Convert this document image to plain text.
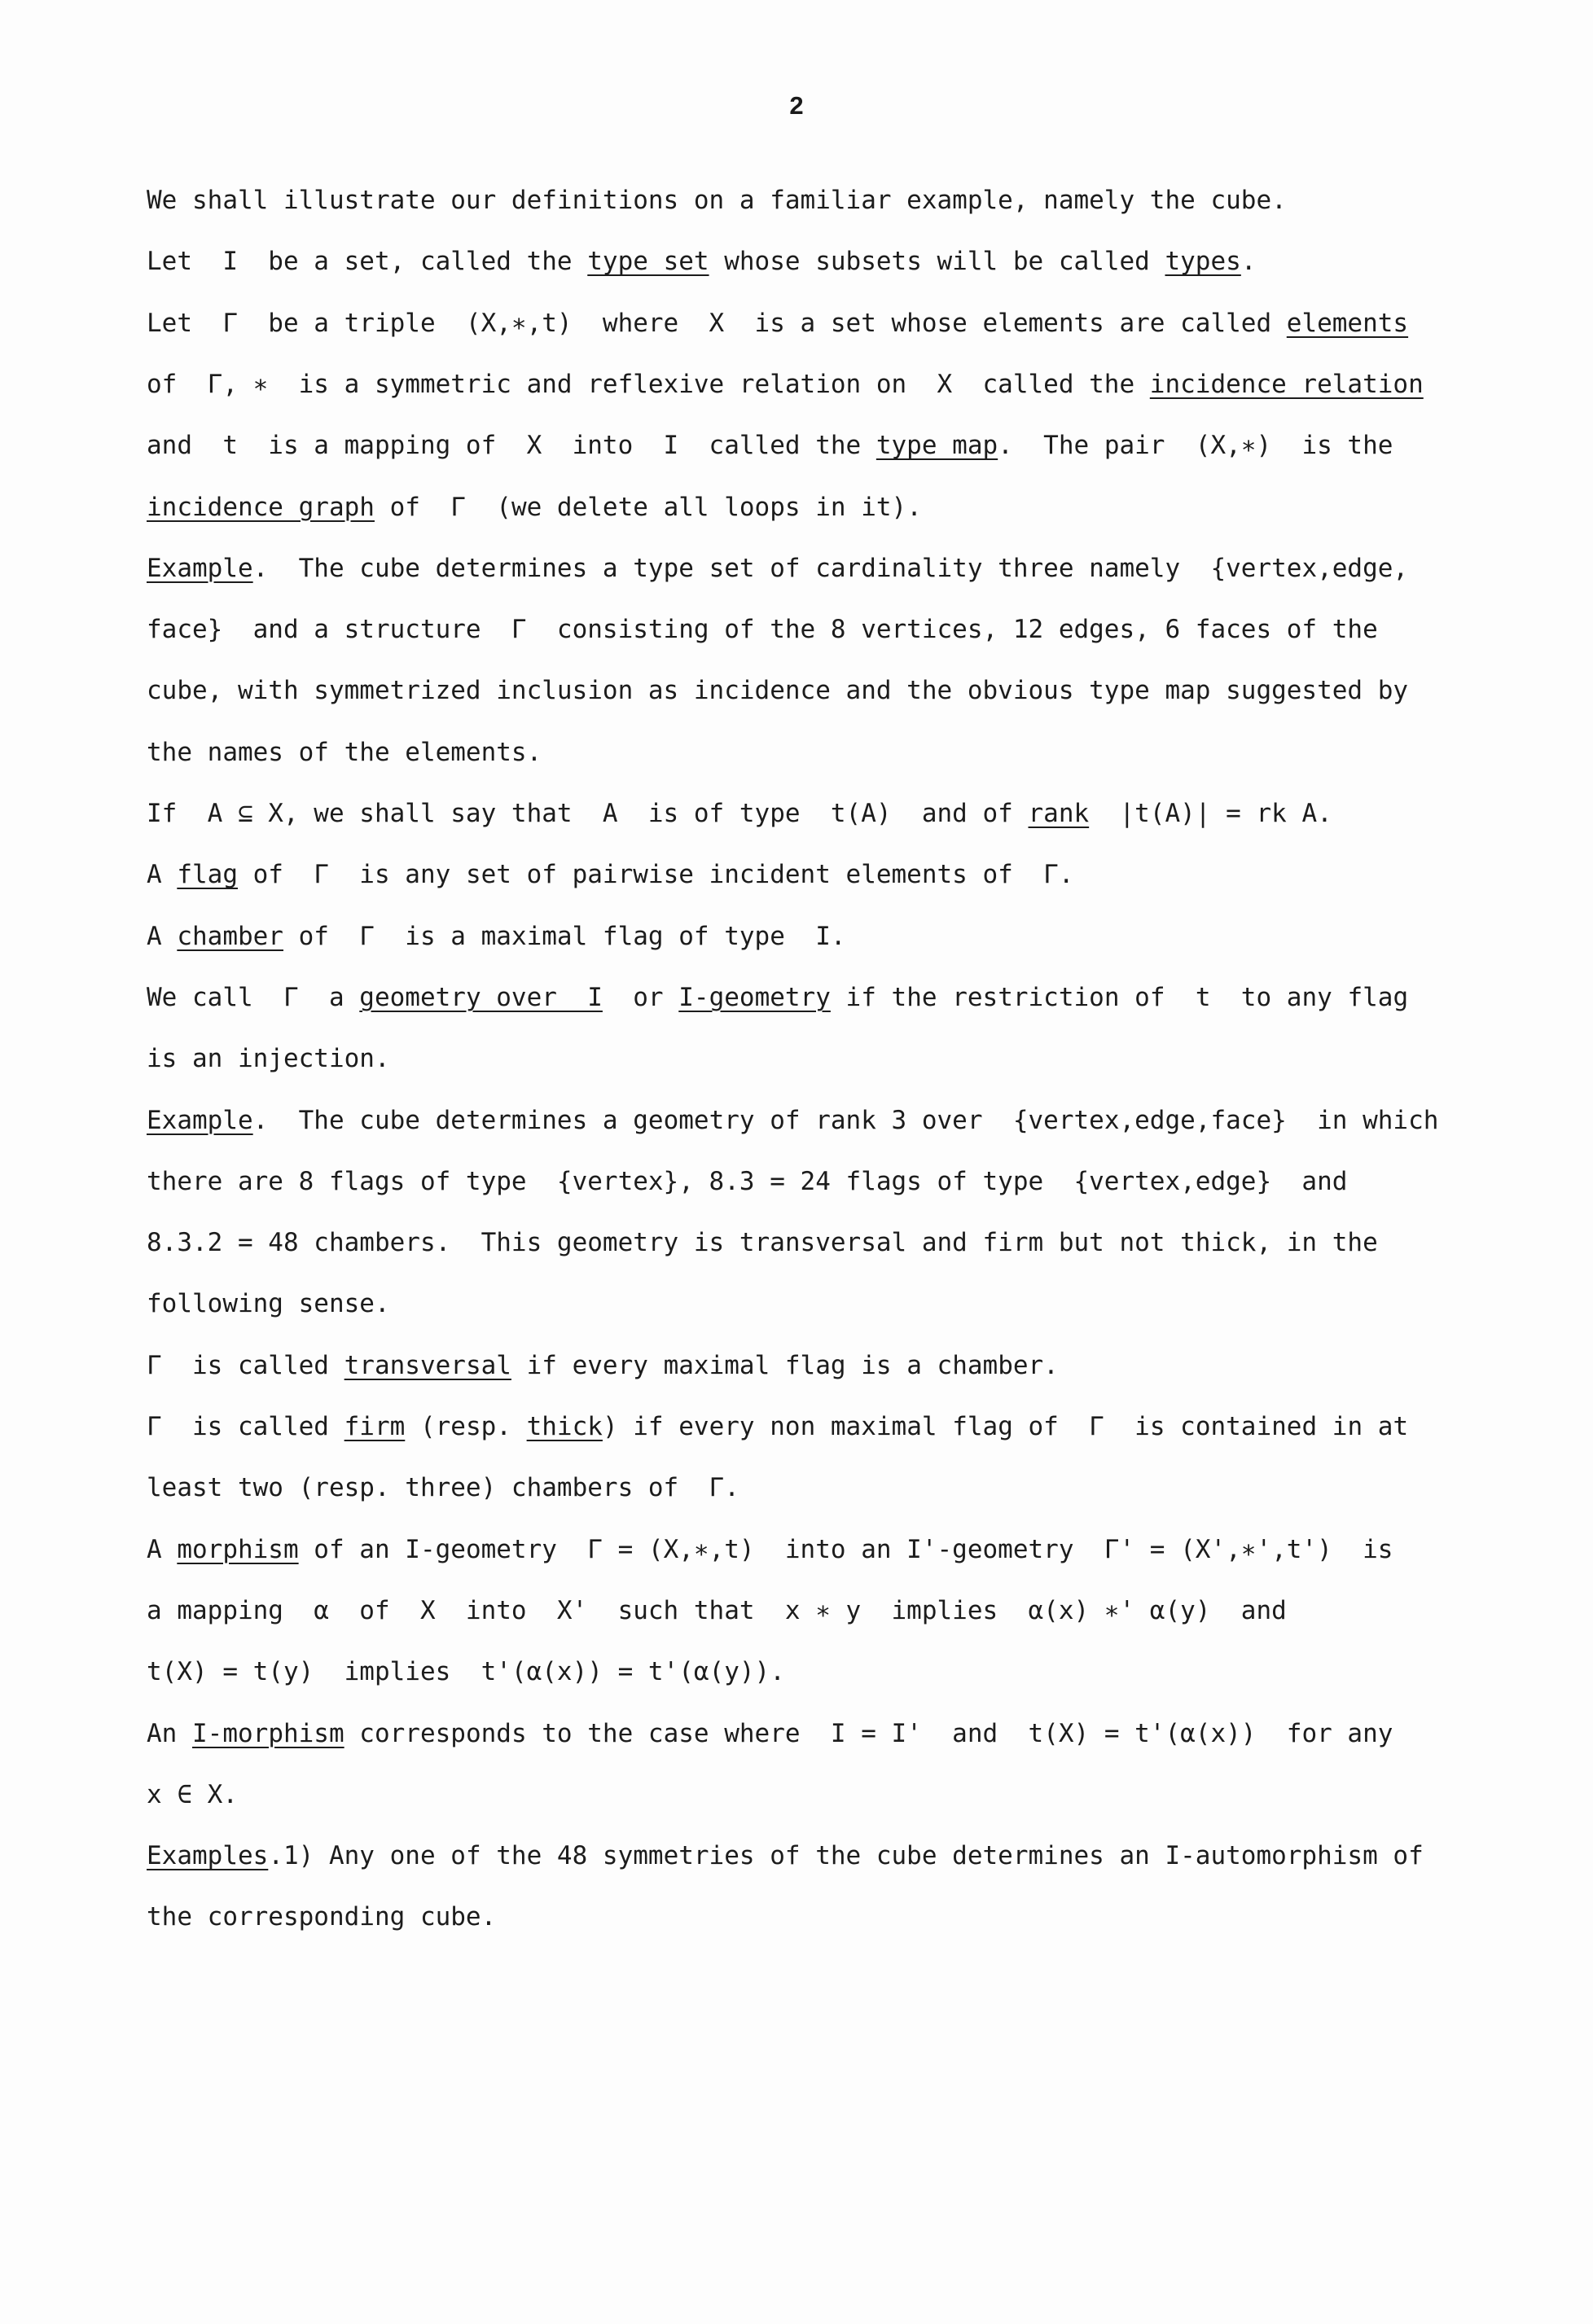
2

We shall illustrate our definitions on a familiar example, namely the cube.

Let  I  be a set, called the type set whose subsets will be called types.

Let  Γ  be a triple  (X,∗,t)  where  X  is a set whose elements are called elements

of  Γ, ∗  is a symmetric and reflexive relation on  X  called the incidence relation

and  t  is a mapping of  X  into  I  called the type map.  The pair  (X,∗)  is the

incidence graph of  Γ  (we delete all loops in it).

Example.  The cube determines a type set of cardinality three namely  {vertex,edge,

face}  and a structure  Γ  consisting of the 8 vertices, 12 edges, 6 faces of the

cube, with symmetrized inclusion as incidence and the obvious type map suggested by

the names of the elements.

If  A ⊆ X, we shall say that  A  is of type  t(A)  and of rank  |t(A)| = rk A.

A flag of  Γ  is any set of pairwise incident elements of  Γ.

A chamber of  Γ  is a maximal flag of type  I.

We call  Γ  a geometry over  I  or I-geometry if the restriction of  t  to any flag

is an injection.

Example.  The cube determines a geometry of rank 3 over  {vertex,edge,face}  in which

there are 8 flags of type  {vertex}, 8.3 = 24 flags of type  {vertex,edge}  and

8.3.2 = 48 chambers.  This geometry is transversal and firm but not thick, in the

following sense.

Γ  is called transversal if every maximal flag is a chamber.

Γ  is called firm (resp. thick) if every non maximal flag of  Γ  is contained in at

least two (resp. three) chambers of  Γ.

A morphism of an I-geometry  Γ = (X,∗,t)  into an I'-geometry  Γ' = (X',∗',t')  is

a mapping  α  of  X  into  X'  such that  x ∗ y  implies  α(x) ∗' α(y)  and

t(X) = t(y)  implies  t'(α(x)) = t'(α(y)).

An I-morphism corresponds to the case where  I = I'  and  t(X) = t'(α(x))  for any

x ∈ X.

Examples.1) Any one of the 48 symmetries of the cube determines an I-automorphism of

the corresponding cube.
